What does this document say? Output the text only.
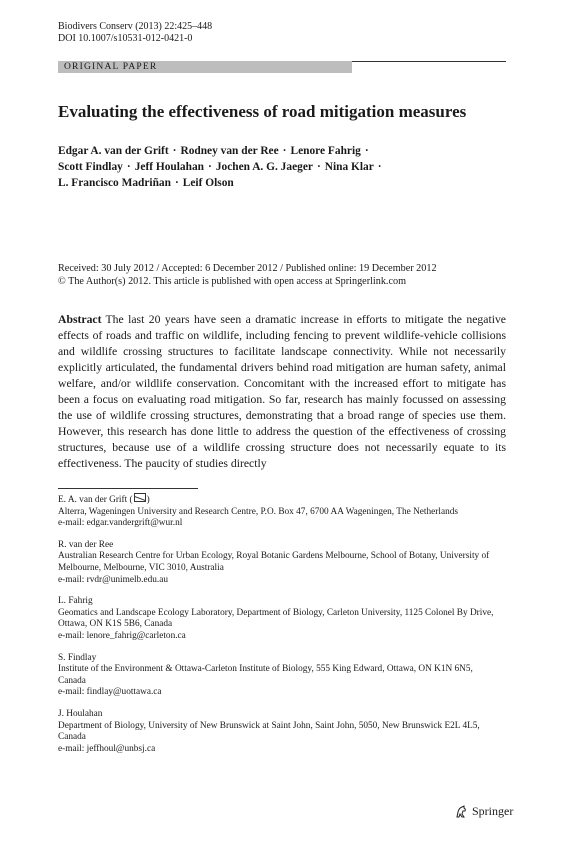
Biodivers Conserv (2013) 22:425–448
DOI 10.1007/s10531-012-0421-0
ORIGINAL PAPER
Evaluating the effectiveness of road mitigation measures
Edgar A. van der Grift · Rodney van der Ree · Lenore Fahrig ·
Scott Findlay · Jeff Houlahan · Jochen A. G. Jaeger · Nina Klar ·
L. Francisco Madriñan · Leif Olson
Received: 30 July 2012 / Accepted: 6 December 2012 / Published online: 19 December 2012
© The Author(s) 2012. This article is published with open access at Springerlink.com
Abstract The last 20 years have seen a dramatic increase in efforts to mitigate the negative effects of roads and traffic on wildlife, including fencing to prevent wildlife-vehicle collisions and wildlife crossing structures to facilitate landscape connectivity. While not necessarily explicitly articulated, the fundamental drivers behind road mitigation are human safety, animal welfare, and/or wildlife conservation. Concomitant with the increased effort to mitigate has been a focus on evaluating road mitigation. So far, research has mainly focussed on assessing the use of wildlife crossing structures, demonstrating that a broad range of species use them. However, this research has done little to address the question of the effectiveness of crossing structures, because use of a wildlife crossing structure does not necessarily equate to its effectiveness. The paucity of studies directly
E. A. van der Grift ( )
Alterra, Wageningen University and Research Centre, P.O. Box 47, 6700 AA Wageningen, The Netherlands
e-mail: edgar.vandergrift@wur.nl
R. van der Ree
Australian Research Centre for Urban Ecology, Royal Botanic Gardens Melbourne, School of Botany, University of Melbourne, Melbourne, VIC 3010, Australia
e-mail: rvdr@unimelb.edu.au
L. Fahrig
Geomatics and Landscape Ecology Laboratory, Department of Biology, Carleton University, 1125 Colonel By Drive, Ottawa, ON K1S 5B6, Canada
e-mail: lenore_fahrig@carleton.ca
S. Findlay
Institute of the Environment & Ottawa-Carleton Institute of Biology, 555 King Edward, Ottawa, ON K1N 6N5, Canada
e-mail: findlay@uottawa.ca
J. Houlahan
Department of Biology, University of New Brunswick at Saint John, Saint John, 5050, New Brunswick E2L 4L5, Canada
e-mail: jeffhoul@unbsj.ca
Springer
